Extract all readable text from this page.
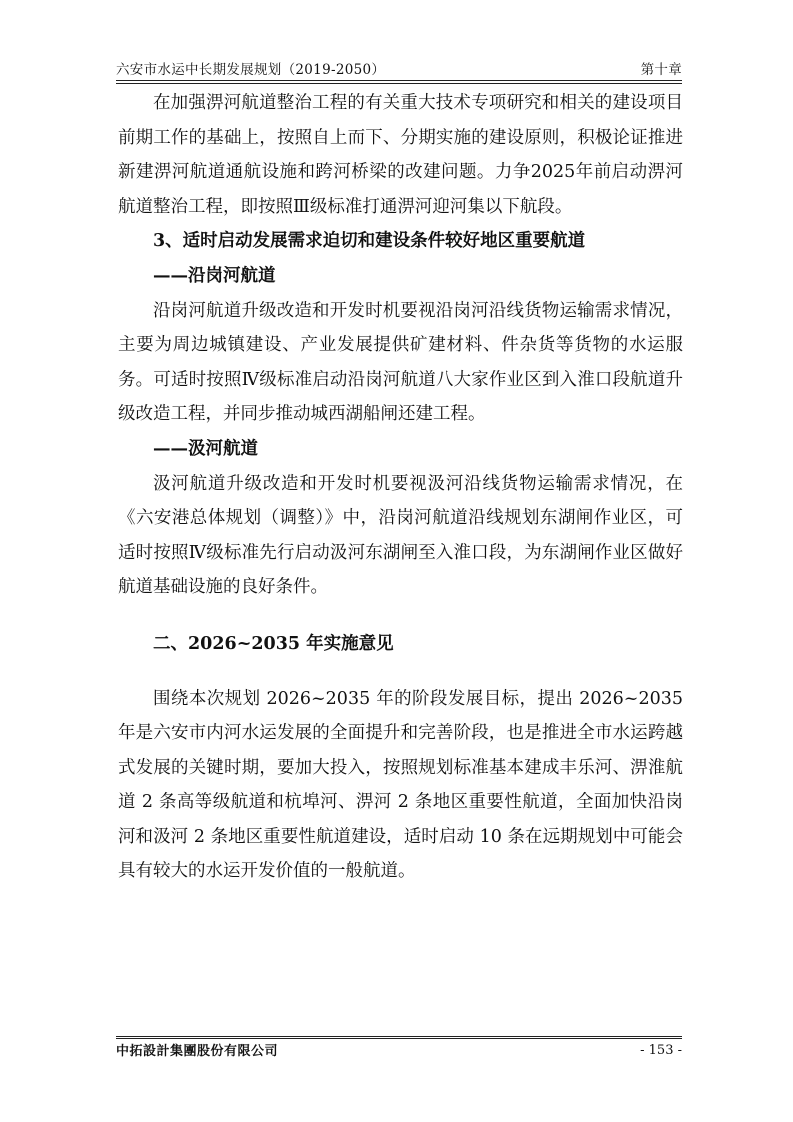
六安市水运中长期发展规划（2019-2050）	第十章

在加强淠河航道整治工程的有关重大技术专项研究和相关的建设项目前期工作的基础上，按照自上而下、分期实施的建设原则，积极论证推进新建淠河航道通航设施和跨河桥梁的改建问题。力争2025年前启动淠河航道整治工程，即按照Ⅲ级标准打通淠河迎河集以下航段。

3、适时启动发展需求迫切和建设条件较好地区重要航道

——沿岗河航道

沿岗河航道升级改造和开发时机要视沿岗河沿线货物运输需求情况，主要为周边城镇建设、产业发展提供矿建材料、件杂货等货物的水运服务。可适时按照Ⅳ级标准启动沿岗河航道八大家作业区到入淮口段航道升级改造工程，并同步推动城西湖船闸还建工程。

——汲河航道

汲河航道升级改造和开发时机要视汲河沿线货物运输需求情况，在《六安港总体规划（调整）》中，沿岗河航道沿线规划东湖闸作业区，可适时按照Ⅳ级标准先行启动汲河东湖闸至入淮口段，为东湖闸作业区做好航道基础设施的良好条件。

二、2026~2035 年实施意见

围绕本次规划 2026~2035 年的阶段发展目标，提出 2026~2035 年是六安市内河水运发展的全面提升和完善阶段，也是推进全市水运跨越式发展的关键时期，要加大投入，按照规划标准基本建成丰乐河、淠淮航道 2 条高等级航道和杭埠河、淠河 2 条地区重要性航道，全面加快沿岗河和汲河 2 条地区重要性航道建设，适时启动 10 条在远期规划中可能会具有较大的水运开发价值的一般航道。

中拓設計集團股份有限公司	- 153 -
